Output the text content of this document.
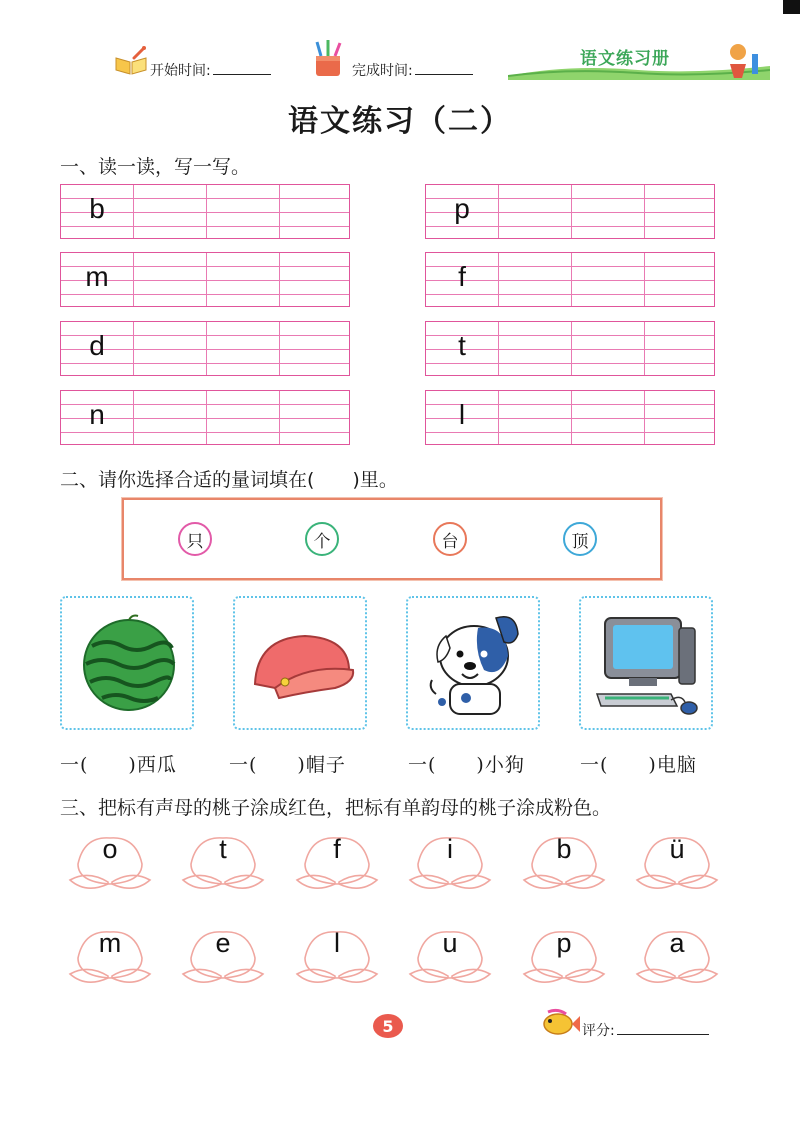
开始时间:	完成时间:
语文练习册
语文练习（二）
一、读一读，写一写。
b	p
m	f
d	t
n	l
二、请你选择合适的量词填在(　　)里。
只	个	台	顶
一(　　)西瓜	一(　　)帽子	一(　　)小狗	一(　　)电脑
三、把标有声母的桃子涂成红色，把标有单韵母的桃子涂成粉色。
o	t	f	i	b	ü
m	e	l	u	p	a
5	评分:
